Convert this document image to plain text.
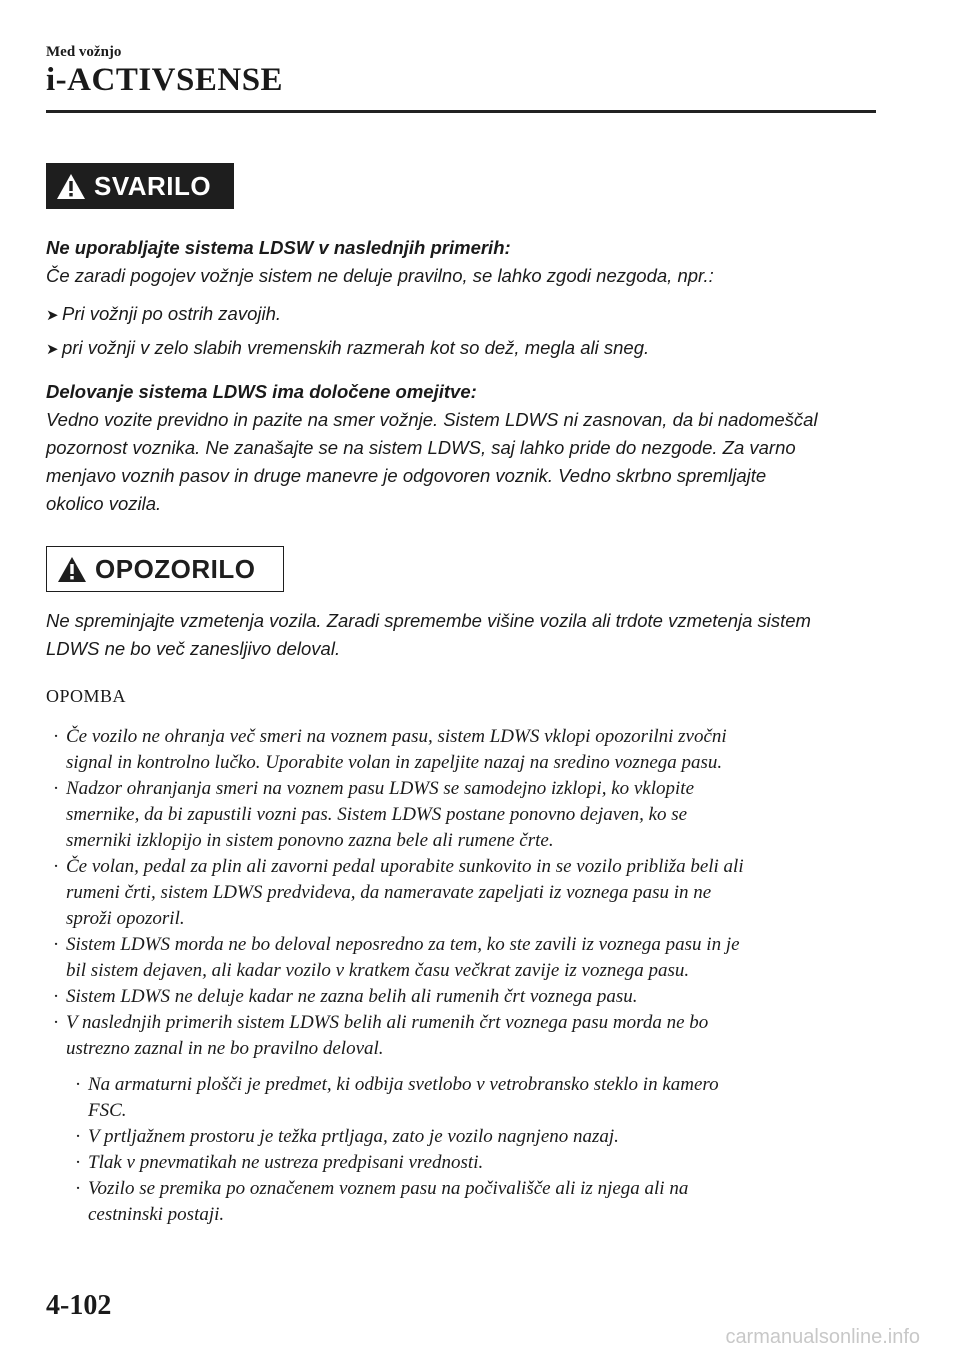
Med vožnjo
i-ACTIVSENSE
SVARILO

Ne uporabljajte sistema LDSW v naslednjih primerih:

Če zaradi pogojev vožnje sistem ne deluje pravilno, se lahko zgodi nezgoda, npr.:

➤ Pri vožnji po ostrih zavojih.
➤ pri vožnji v zelo slabih vremenskih razmerah kot so dež, megla ali sneg.

Delovanje sistema LDWS ima določene omejitve:

Vedno vozite previdno in pazite na smer vožnje. Sistem LDWS ni zasnovan, da bi nadomeščal

pozornost voznika. Ne zanašajte se na sistem LDWS, saj lahko pride do nezgode. Za varno

menjavo voznih pasov in druge manevre je odgovoren voznik. Vedno skrbno spremljajte

okolico vozila.

OPOZORILO

Ne spreminjajte vzmetenja vozila. Zaradi spremembe višine vozila ali trdote vzmetenja sistem

LDWS ne bo več zanesljivo deloval.

OPOMBA
· Če vozilo ne ohranja več smeri na voznem pasu, sistem LDWS vklopi opozorilni zvočni
signal in kontrolno lučko. Uporabite volan in zapeljite nazaj na sredino voznega pasu.
· Nadzor ohranjanja smeri na voznem pasu LDWS se samodejno izklopi, ko vklopite
smernike, da bi zapustili vozni pas. Sistem LDWS postane ponovno dejaven, ko se
smerniki izklopijo in sistem ponovno zazna bele ali rumene črte.
· Če volan, pedal za plin ali zavorni pedal uporabite sunkovito in se vozilo približa beli ali
rumeni črti, sistem LDWS predvideva, da nameravate zapeljati iz voznega pasu in ne
sproži opozoril.
· Sistem LDWS morda ne bo deloval neposredno za tem, ko ste zavili iz voznega pasu in je
bil sistem dejaven, ali kadar vozilo v kratkem času večkrat zavije iz voznega pasu.
· Sistem LDWS ne deluje kadar ne zazna belih ali rumenih črt voznega pasu.
· V naslednjih primerih sistem LDWS belih ali rumenih črt voznega pasu morda ne bo
ustrezno zaznal in ne bo pravilno deloval.
· Na armaturni plošči je predmet, ki odbija svetlobo v vetrobransko steklo in kamero
FSC.
· V prtljažnem prostoru je težka prtljaga, zato je vozilo nagnjeno nazaj.
· Tlak v pnevmatikah ne ustreza predpisani vrednosti.
· Vozilo se premika po označenem voznem pasu na počivališče ali iz njega ali na
cestninski postaji.
4-102
carmanualsonline.info
